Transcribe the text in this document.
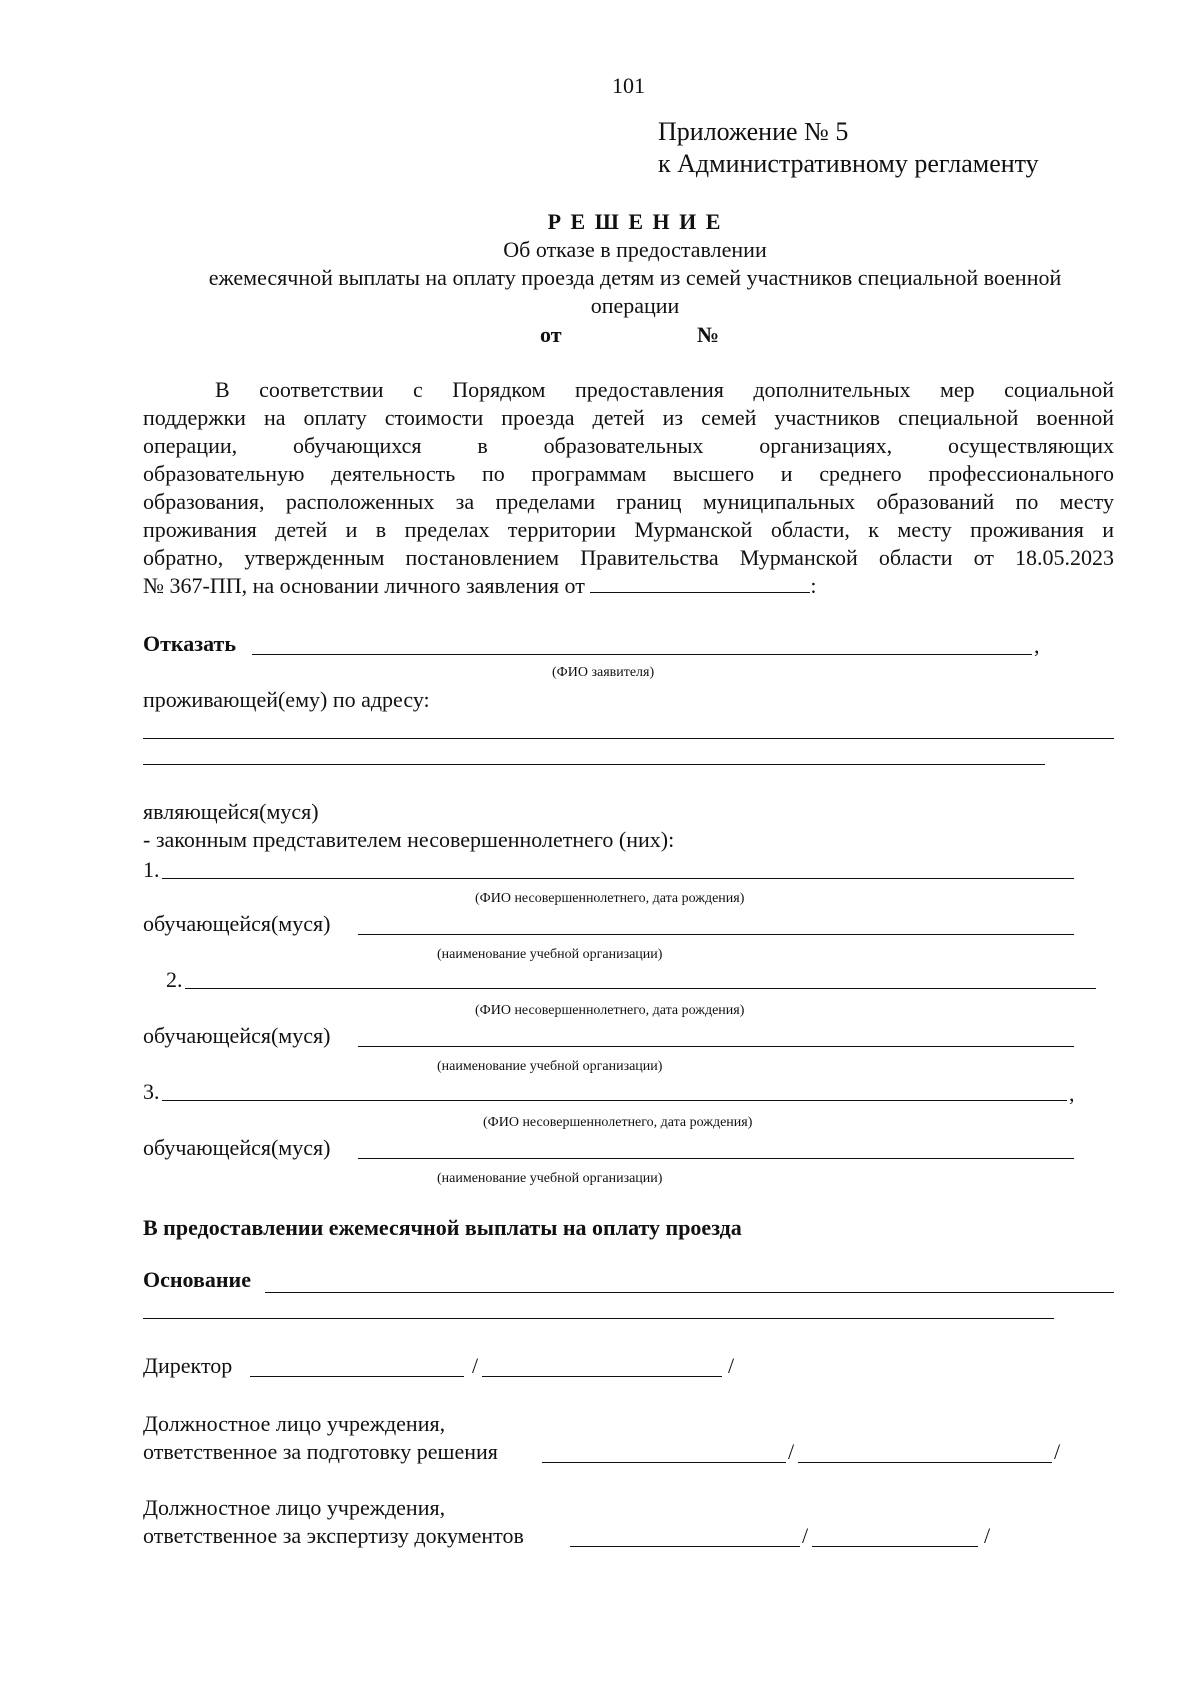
101
Приложение № 5
к Административному регламенту
Р Е Ш Е Н И Е
Об отказе в предоставлении
ежемесячной выплаты на оплату проезда детям из семей участников специальной военной
операции
от	№
В соответствии с Порядком предоставления дополнительных мер социальной
поддержки на оплату стоимости проезда детей из семей участников специальной военной
операции, обучающихся в образовательных организациях, осуществляющих
образовательную деятельность по программам высшего и среднего профессионального
образования, расположенных за пределами границ муниципальных образований по месту
проживания детей и в пределах территории Мурманской области, к месту проживания и
обратно, утвержденным постановлением Правительства Мурманской области от 18.05.2023
№ 367-ПП, на основании личного заявления от	:
Отказать	,
(ФИО заявителя)
проживающей(ему) по адресу:
являющейся(муся)
- законным представителем несовершеннолетнего (них):
1.
(ФИО несовершеннолетнего, дата рождения)
обучающейся(муся)
(наименование учебной организации)
2.
(ФИО несовершеннолетнего, дата рождения)
обучающейся(муся)
(наименование учебной организации)
3.	,
(ФИО несовершеннолетнего, дата рождения)
обучающейся(муся)
(наименование учебной организации)
В предоставлении ежемесячной выплаты на оплату проезда
Основание
Директор	/	/
Должностное лицо учреждения,
ответственное за подготовку решения	/	/
Должностное лицо учреждения,
ответственное за экспертизу документов	/	/
